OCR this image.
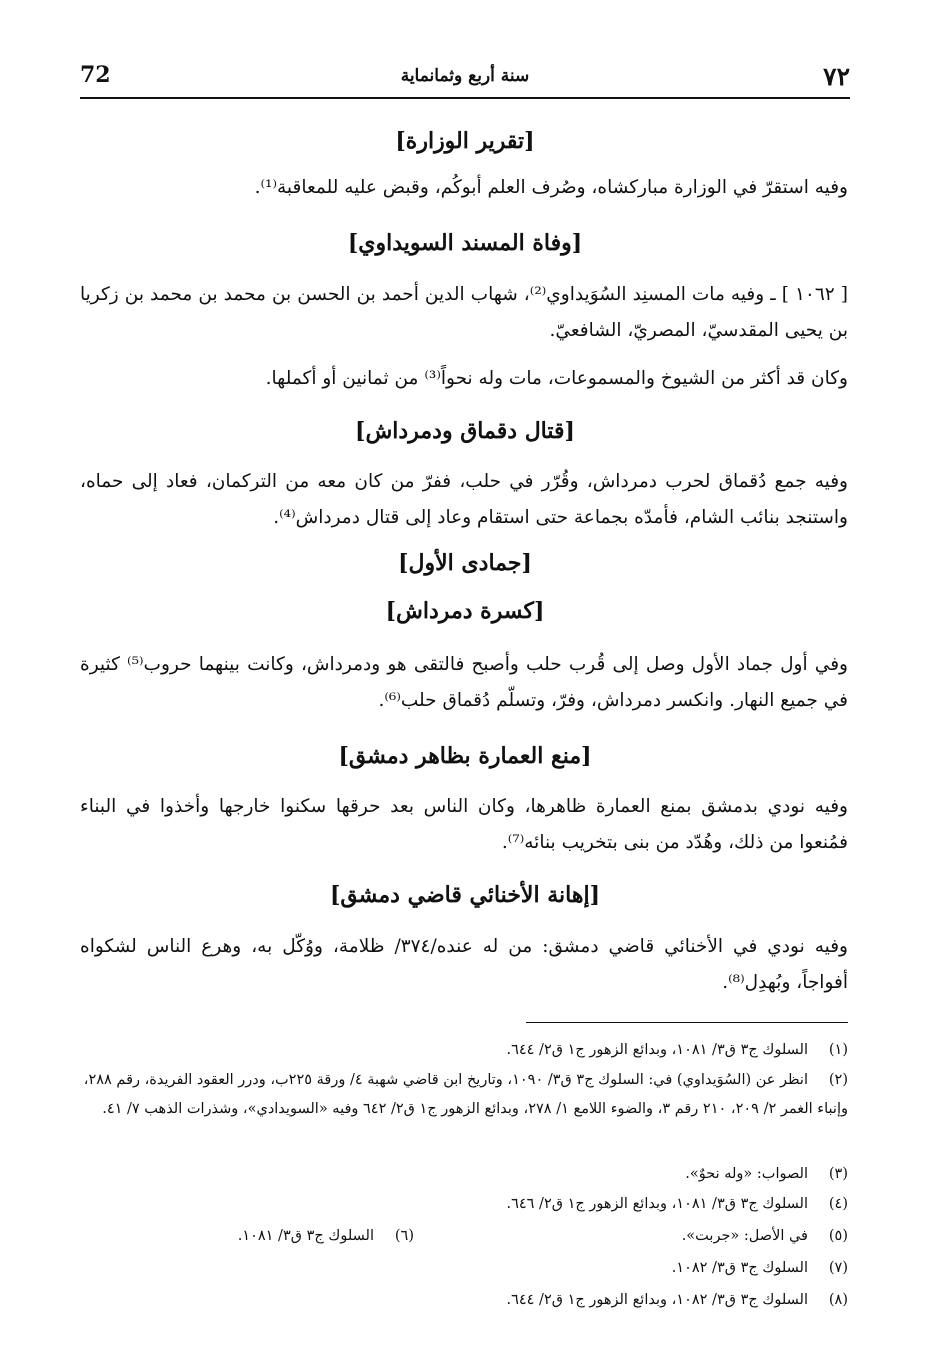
٧٢
سنة أربع وثمانماية
72
[تقرير الوزارة]
وفيه استقرّ في الوزارة مباركشاه، وصُرف العلم أبوكُم، وقبض عليه للمعاقبة⁽¹⁾.
[وفاة المسند السويداوي]
[ ١٠٦٢ ] ـ وفيه مات المسنِد السُوَيداوي⁽²⁾، شهاب الدين أحمد بن الحسن بن محمد بن محمد بن زكريا بن يحيى المقدسيّ، المصريّ، الشافعيّ.
وكان قد أكثر من الشيوخ والمسموعات، مات وله نحواً⁽³⁾ من ثمانين أو أكملها.
[قتال دقماق ودمرداش]
وفيه جمع دُقماق لحرب دمرداش، وقُرّر في حلب، ففرّ من كان معه من التركمان، فعاد إلى حماه، واستنجد بنائب الشام، فأمدّه بجماعة حتى استقام وعاد إلى قتال دمرداش⁽⁴⁾.
[جمادى الأول]
[كسرة دمرداش]
وفي أول جماد الأول وصل إلى قُرب حلب وأصبح فالتقى هو ودمرداش، وكانت بينهما حروب⁽⁵⁾ كثيرة في جميع النهار. وانكسر دمرداش، وفرّ، وتسلّم دُقماق حلب⁽⁶⁾.
[منع العمارة بظاهر دمشق]
وفيه نودي بدمشق بمنع العمارة ظاهرها، وكان الناس بعد حرقها سكنوا خارجها وأخذوا في البناء فمُنعوا من ذلك، وهُدّد من بنى بتخريب بنائه⁽⁷⁾.
[إهانة الأخنائي قاضي دمشق]
وفيه نودي في الأخنائي قاضي دمشق: من له عنده/٣٧٤/ ظلامة، ووُكّل به، وهرع الناس لشكواه أفواجاً، وبُهدِل⁽⁸⁾.
(١)السلوك ج٣ ق٣/ ١٠٨١، وبدائع الزهور ج١ ق٢/ ٦٤٤.
(٢)انظر عن (السُوَيداوي) في: السلوك ج٣ ق٣/ ١٠٩٠، وتاريخ ابن قاضي شهبة ٤/ ورقة ٢٢٥ب، ودرر العقود الفريدة، رقم ٢٨٨، وإنباء الغمر ٢/ ٢٠٩، ٢١٠ رقم ٣، والضوء اللامع ١/ ٢٧٨، وبدائع الزهور ج١ ق٢/ ٦٤٢ وفيه «السويدادي»، وشذرات الذهب ٧/ ٤١.
(٣)الصواب: «وله نحوٌ».
(٤)السلوك ج٣ ق٣/ ١٠٨١، وبدائع الزهور ج١ ق٢/ ٦٤٦.
(٥)في الأصل: «جربت».
(٦)السلوك ج٣ ق٣/ ١٠٨١.
(٧)السلوك ج٣ ق٣/ ١٠٨٢.
(٨)السلوك ج٣ ق٣/ ١٠٨٢، وبدائع الزهور ج١ ق٢/ ٦٤٤.
